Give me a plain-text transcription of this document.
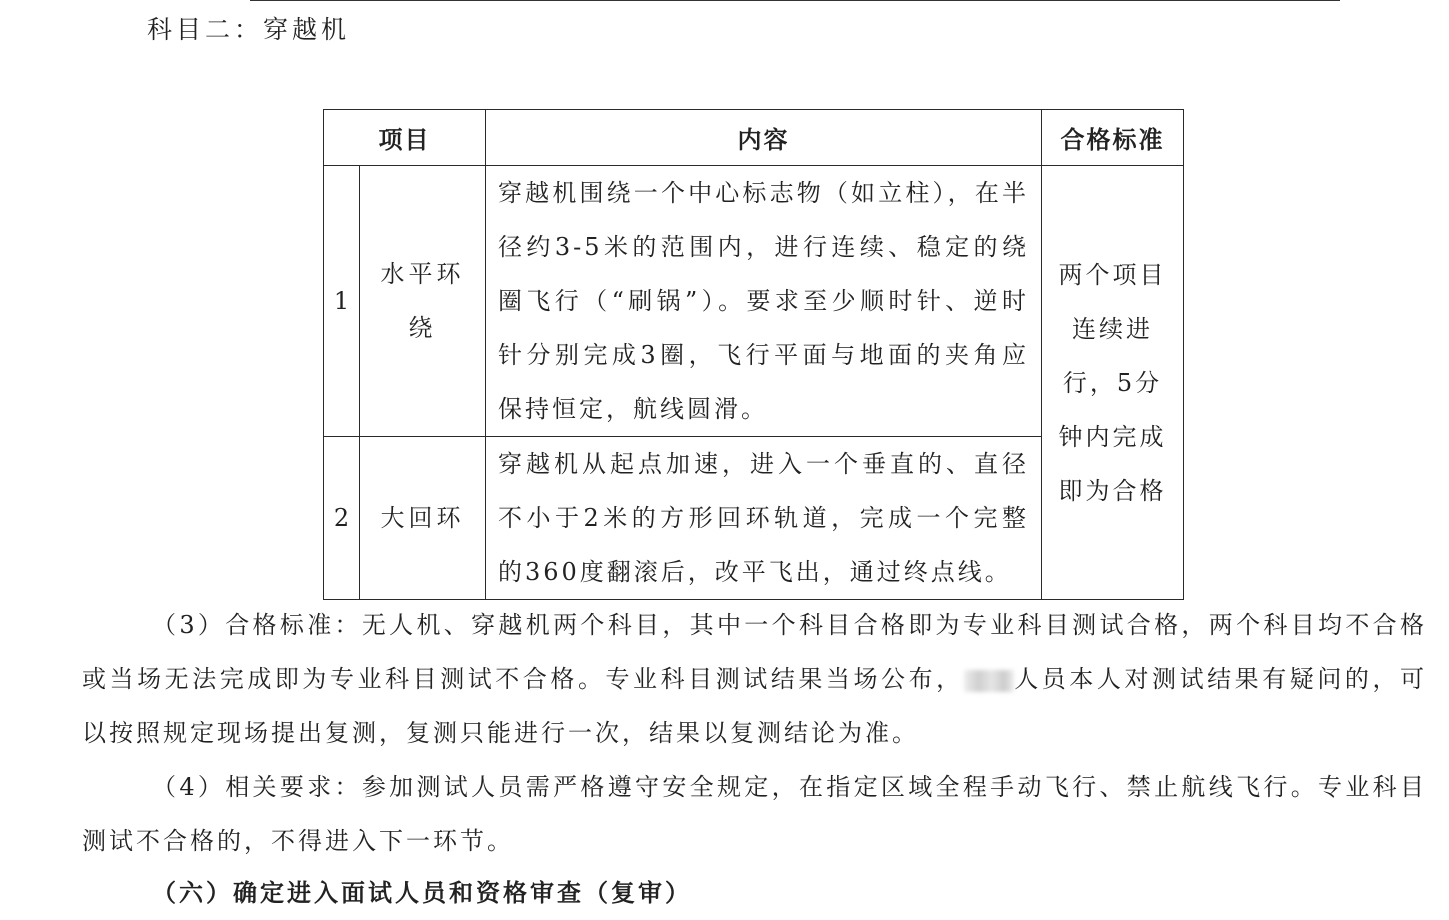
科目二：穿越机
项目		内容	合格标准
1	水平环绕	穿越机围绕一个中心标志物（如立柱），在半径约3-5米的范围内，进行连续、稳定的绕圈飞行（“刷锅”）。要求至少顺时针、逆时针分别完成3圈，飞行平面与地面的夹角应保持恒定，航线圆滑。	两个项目连续进行，5分钟内完成即为合格
2	大回环	穿越机从起点加速，进入一个垂直的、直径不小于2米的方形回环轨道，完成一个完整的360度翻滚后，改平飞出，通过终点线。	

（3）合格标准：无人机、穿越机两个科目，其中一个科目合格即为专业科目测试合格，两个科目均不合格或当场无法完成即为专业科目测试不合格。专业科目测试结果当场公布， 人员本人对测试结果有疑问的，可以按照规定现场提出复测，复测只能进行一次，结果以复测结论为准。

（4）相关要求：参加测试人员需严格遵守安全规定，在指定区域全程手动飞行、禁止航线飞行。专业科目测试不合格的，不得进入下一环节。

（六）确定进入面试人员和资格审查（复审）
